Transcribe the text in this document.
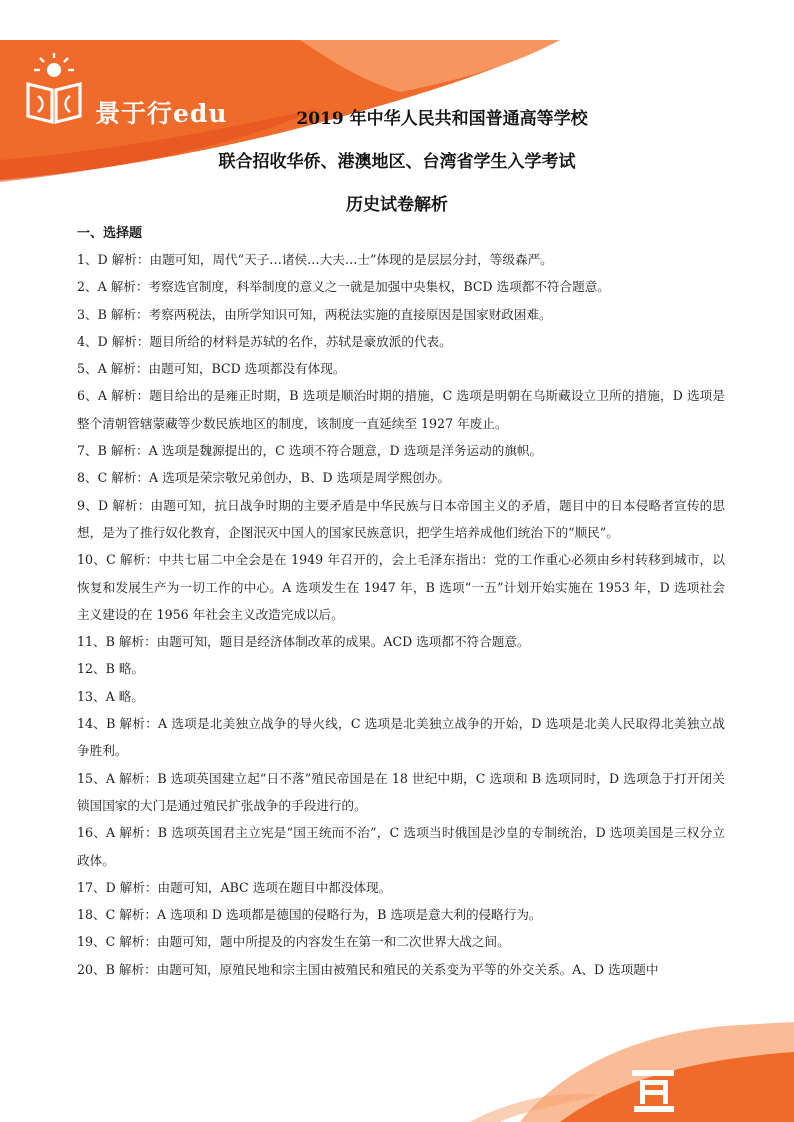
景于行edu	2019 年中华人民共和国普通高等学校
联合招收华侨、港澳地区、台湾省学生入学考试
历史试卷解析
一、选择题

1、D 解析：由题可知，周代“天子…诸侯…大夫…士”体现的是层层分封，等级森严。

2、A 解析：考察选官制度，科举制度的意义之一就是加强中央集权，BCD 选项都不符合题意。

3、B 解析：考察两税法，由所学知识可知，两税法实施的直接原因是国家财政困难。

4、D 解析：题目所给的材料是苏轼的名作，苏轼是豪放派的代表。

5、A 解析：由题可知，BCD 选项都没有体现。

6、A 解析：题目给出的是雍正时期，B 选项是顺治时期的措施，C 选项是明朝在乌斯藏设立卫所的措施，D 选项是整个清朝管辖蒙藏等少数民族地区的制度，该制度一直延续至 1927 年废止。

7、B 解析：A 选项是魏源提出的，C 选项不符合题意，D 选项是洋务运动的旗帜。

8、C 解析：A 选项是荣宗敬兄弟创办，B、D 选项是周学熙创办。

9、D 解析：由题可知，抗日战争时期的主要矛盾是中华民族与日本帝国主义的矛盾，题目中的日本侵略者宣传的思想，是为了推行奴化教育，企图泯灭中国人的国家民族意识，把学生培养成他们统治下的“顺民”。

10、C 解析：中共七届二中全会是在 1949 年召开的，会上毛泽东指出：党的工作重心必须由乡村转移到城市，以恢复和发展生产为一切工作的中心。A 选项发生在 1947 年，B 选项“一五”计划开始实施在 1953 年，D 选项社会主义建设的在 1956 年社会主义改造完成以后。

11、B 解析：由题可知，题目是经济体制改革的成果。ACD 选项都不符合题意。

12、B 略。

13、A 略。

14、B 解析：A 选项是北美独立战争的导火线，C 选项是北美独立战争的开始，D 选项是北美人民取得北美独立战争胜利。

15、A 解析：B 选项英国建立起“日不落”殖民帝国是在 18 世纪中期，C 选项和 B 选项同时，D 选项急于打开闭关锁国国家的大门是通过殖民扩张战争的手段进行的。

16、A 解析：B 选项英国君主立宪是“国王统而不治”，C 选项当时俄国是沙皇的专制统治，D 选项美国是三权分立政体。

17、D 解析：由题可知，ABC 选项在题目中都没体现。

18、C 解析：A 选项和 D 选项都是德国的侵略行为，B 选项是意大利的侵略行为。

19、C 解析：由题可知，题中所提及的内容发生在第一和二次世界大战之间。

20、B 解析：由题可知，原殖民地和宗主国由被殖民和殖民的关系变为平等的外交关系。A、D 选项题中
